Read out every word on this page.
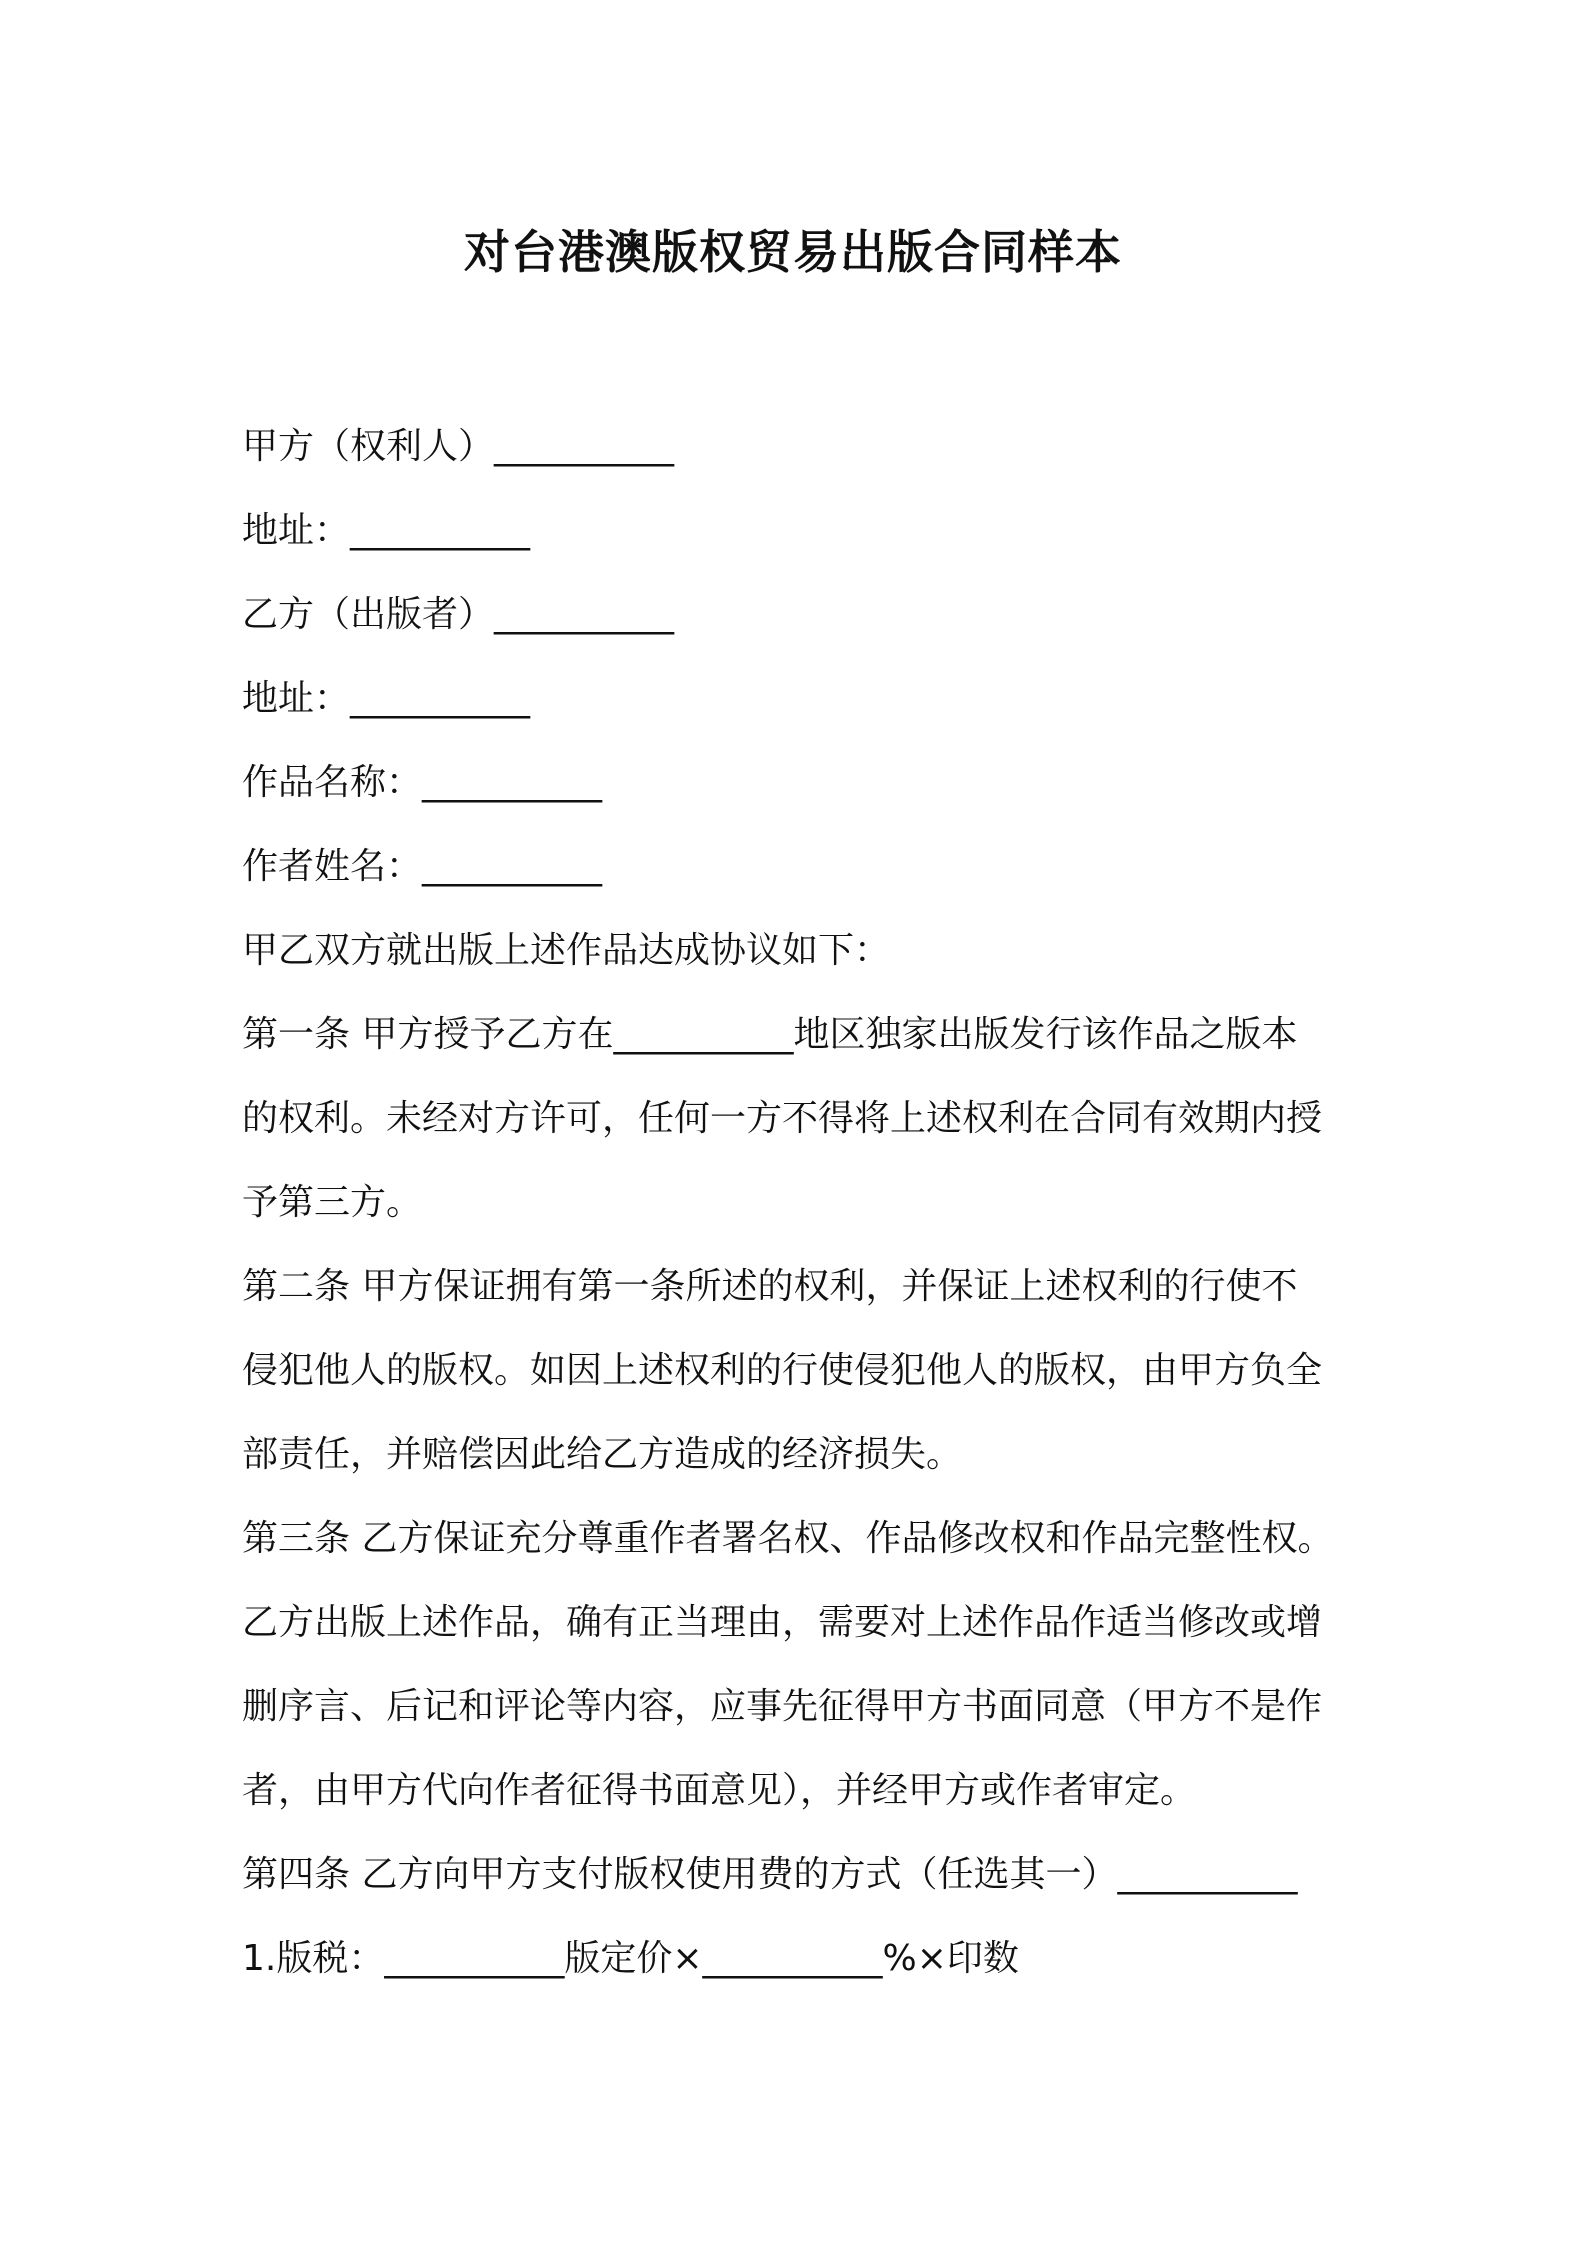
对台港澳版权贸易出版合同样本
甲方（权利人）__________
地址：__________
乙方（出版者）__________
地址：__________
作品名称：__________
作者姓名：__________
甲乙双方就出版上述作品达成协议如下：
第一条 甲方授予乙方在__________地区独家出版发行该作品之版本
的权利。未经对方许可，任何一方不得将上述权利在合同有效期内授
予第三方。
第二条 甲方保证拥有第一条所述的权利，并保证上述权利的行使不
侵犯他人的版权。如因上述权利的行使侵犯他人的版权，由甲方负全
部责任，并赔偿因此给乙方造成的经济损失。
第三条 乙方保证充分尊重作者署名权、作品修改权和作品完整性权。
乙方出版上述作品，确有正当理由，需要对上述作品作适当修改或增
删序言、后记和评论等内容，应事先征得甲方书面同意（甲方不是作
者，由甲方代向作者征得书面意见），并经甲方或作者审定。
第四条 乙方向甲方支付版权使用费的方式（任选其一）__________
1.版税：__________版定价×__________%×印数
